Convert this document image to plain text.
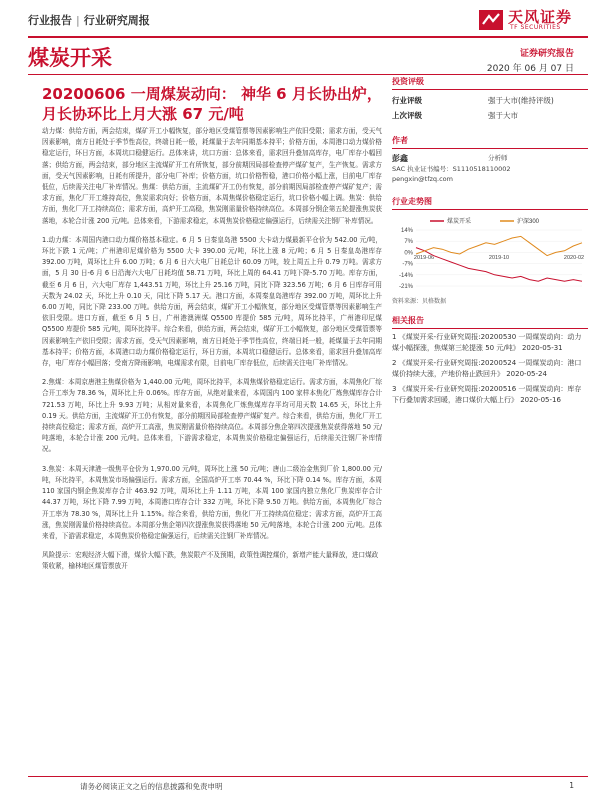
行业报告 | 行业研究周报	天风证券
TF SECURITIES
煤炭开采	证券研究报告
2020 年 06 月 07 日
20200606 一周煤炭动向： 神华 6 月长协出炉，月长协环比上月大涨 67 元/吨

动力煤：供给方面，两会结束，煤矿开工小幅恢复，部分地区受煤管票等因素影响生产依旧受限；需求方面，受天气因素影响，南方日耗处于季节性高位，终端日耗一般，耗煤量于去年同期基本持平；价格方面，本周港口动力煤价格稳定运行，环日方面，本周坑口稳健运行。总体来讲，坑口方面：总体来看，需求回升叠加高库存，电厂库存小幅回落；供给方面，两会结束，部分地区主流煤矿开工有所恢复，部分前期因局部检查停产煤矿复产，生产恢复。需求方面，受天气因素影响，日耗有所提升，部分电厂补库；价格方面，坑口价格暂稳，港口价格小幅上涨，目前电厂库存低位，后续需关注电厂补库情况。焦煤：供给方面，主流煤矿开工仍有恢复，部分前期因局部检查停产煤矿复产；需求方面，焦化厂开工维持高位，焦炭需求向好；价格方面，本周焦煤价格稳定运行，坑口价格小幅上调。焦炭：供给方面，焦化厂开工持续高位；需求方面，高炉开工高稳，焦炭刚需量价格持续高位。本周部分钢企第五轮提涨焦炭获落地，本轮合计涨 200 元/吨。总体来看，下游需求稳定，本周焦炭价格稳定偏强运行，后续需关注钢厂补库情况。

1.动力煤：本周国内港口动力煤价格基本稳定。6 月 5 日秦皇岛港 5500 大卡动力煤最新平仓价为 542.00 元/吨，环比下跌 1 元/吨；广州港印尼煤价格为 5500 大卡 390.00 元/吨，环比上涨 8 元/吨；6 月 5 日秦皇岛港库存 392.00 万吨，周环比上升 6.00 万吨；6 月 6 日六大电厂日耗总计 60.09 万吨，较上周五上升 0.79 万吨。需求方面，5 月 30 日-6 月 6 日沿海六大电厂日耗均值 58.71 万吨，环比上周的 64.41 万吨下降-5.70 万吨。库存方面，截至 6 月 6 日，六大电厂库存 1,443.51 万吨，环比上升 25.16 万吨，同比下降 323.56 万吨；6 月 6 日库存可用天数为 24.02 天，环比上升 0.10 天，同比下降 5.17 天。港口方面，本周秦皇岛港库存 392.00 万吨，周环比上升 6.00 万吨，同比下降 233.00 万吨。供给方面，两会结束，煤矿开工小幅恢复，部分地区受煤管票等因素影响生产依旧受限。进口方面，截至 6 月 5 日，广州港澳洲煤 Q5500 库提价 585 元/吨，周环比持平，广州港印尼煤 Q5500 库提价 585 元/吨，周环比持平。综合来看，供给方面，两会结束，煤矿开工小幅恢复，部分地区受煤管票等因素影响生产依旧受限；需求方面，受天气因素影响，南方日耗处于季节性高位，终端日耗一般，耗煤量于去年同期基本持平；价格方面，本周港口动力煤价格稳定运行，环日方面，本周坑口稳健运行。总体来看，需求回升叠加高库存，电厂库存小幅回落；受南方降雨影响，电煤需求有限，目前电厂库存低位，后续需关注电厂补库情况。

2.焦煤：本周京唐港主焦煤价格为 1,440.00 元/吨，周环比持平，本周焦煤价格稳定运行。需求方面，本周焦化厂综合开工率为 78.36 %，周环比上升 0.06%。库存方面，从绝对量来看，本周国内 100 家样本焦化厂炼焦煤库存合计 721.53 万吨，环比上升 9.93 万吨；从相对量来看，本周焦化厂炼焦煤库存平均可用天数 14.65 天，环比上升 0.19 天。供给方面，主流煤矿开工仍有恢复，部分前期因局部检查停产煤矿复产。综合来看，供给方面，焦化厂开工持续高位稳定；需求方面，高炉开工高涨，焦炭刚需量价格持续高位。本周部分焦企第四次提涨焦炭获得落地 50 元/吨落地，本轮合计涨 200 元/吨。总体来看，下游需求稳定，本周焦炭价格稳定偏强运行，后续需关注钢厂补库情况。

3.焦炭：本周天津港一级焦平仓价为 1,970.00 元/吨，周环比上涨 50 元/吨；唐山二级冶金焦到厂价 1,800.00 元/吨，环比持平，本周焦炭市场偏强运行。需求方面，全国高炉开工率 70.44 %，环比下降 0.14 %。库存方面，本周 110 家国内钢企焦炭库存合计 463.92 万吨，周环比上升 1.11 万吨，本周 100 家国内独立焦化厂焦炭库存合计 44.37 万吨，环比下降 7.99 万吨，本周港口库存合计 332 万吨，环比下降 9.50 万吨。供给方面，本周焦化厂综合开工率为 78.30 %，周环比上升 1.15%。综合来看，供给方面，焦化厂开工持续高位稳定；需求方面，高炉开工高涨，焦炭刚需量价格持续高位。本周部分焦企第四次提涨焦炭获得落地 50 元/吨落地，本轮合计涨 200 元/吨。总体来看，下游需求稳定，本周焦炭价格稳定偏强运行，后续需关注钢厂补库情况。

风险提示：宏观经济大幅下滑，煤价大幅下跌，焦炭限产不及预期，政策性调控煤价，新增产能大量释放，进口煤政策收紧，榆林地区煤管票放开

投资评级
行业评级	强于大市(维持评级)
上次评级	强于大市
作者
彭鑫	分析师
SAC 执业证书编号：S1110518110002
pengxin@tfzq.com
行业走势图
14%
7%
0%
-7%
-14%
-21%
2019-06	2019-10	2020-02
煤炭开采	沪深300
资料来源：贝格数据
相关报告
1 《煤炭开采-行业研究周报:20200530 一周煤炭动向：动力煤小幅探涨，焦煤第三轮提涨 50 元/吨》 2020-05-31
2 《煤炭开采-行业研究周报:20200524 一周煤炭动向：港口煤价持续大涨，产地价格止跌回升》 2020-05-24
3 《煤炭开采-行业研究周报:20200516 一周煤炭动向：库存下行叠加需求回暖，港口煤价大幅上行》 2020-05-16
请务必阅读正文之后的信息披露和免责申明	1
